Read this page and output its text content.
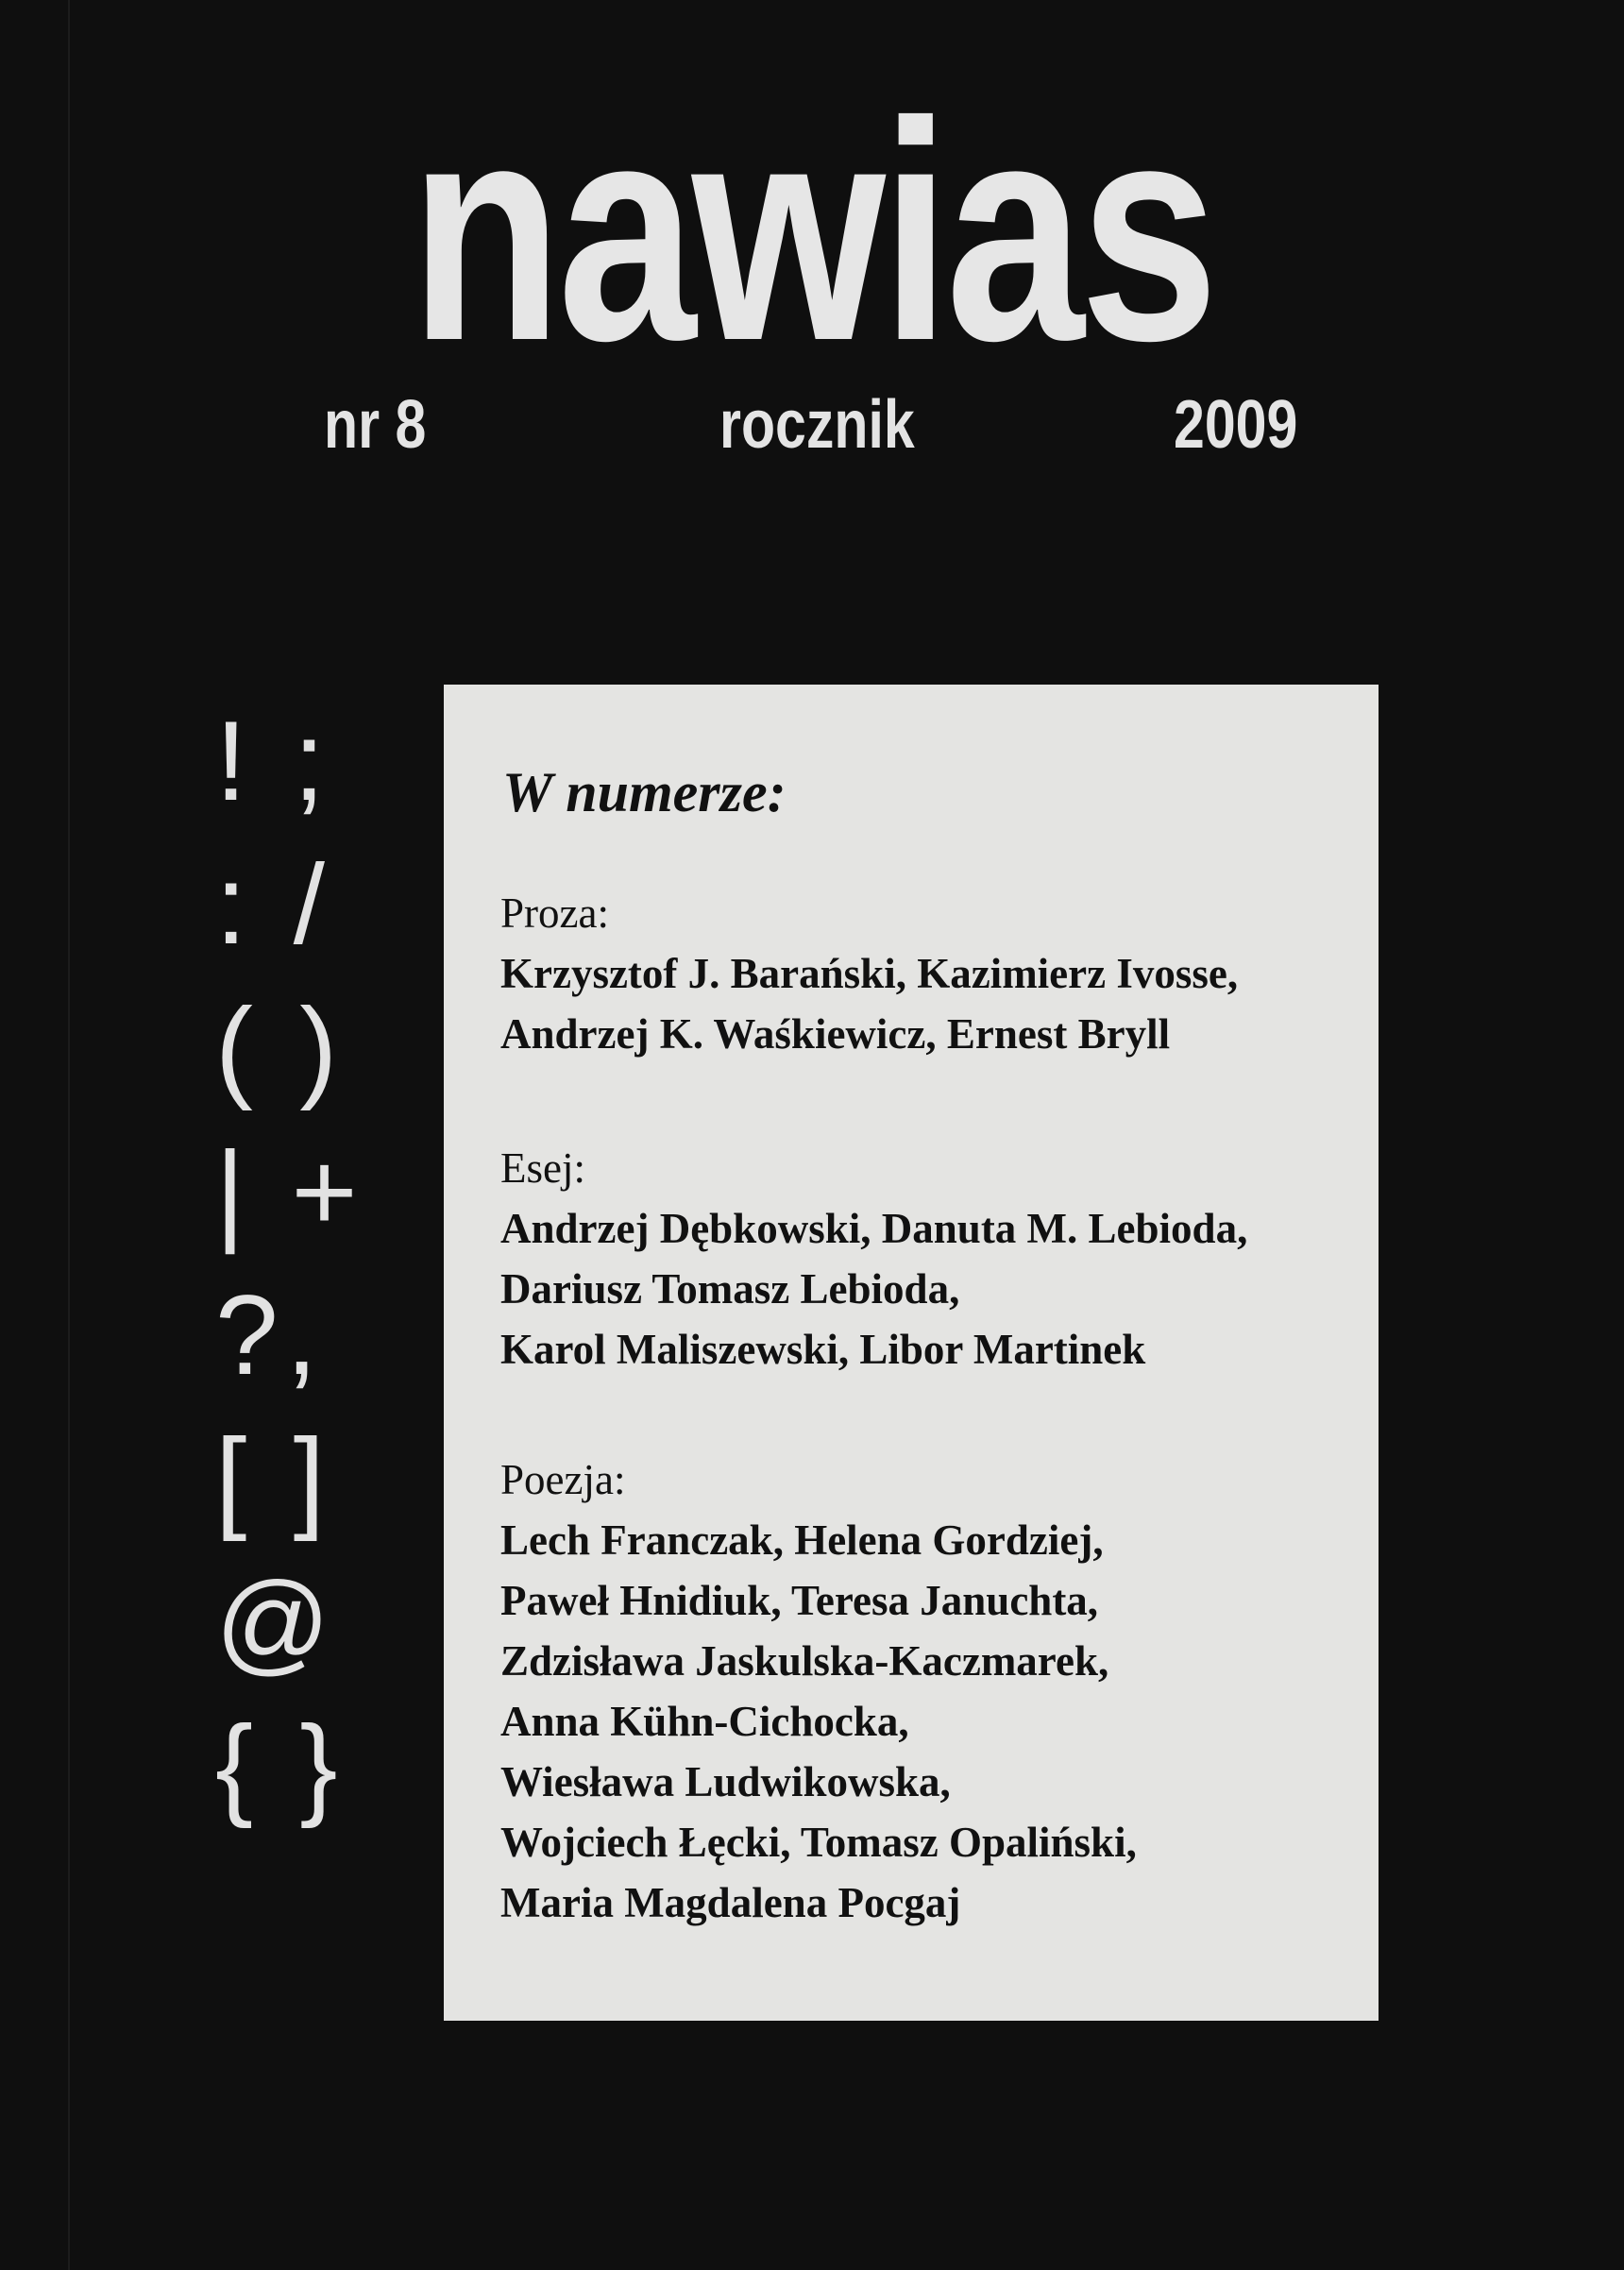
nawias
nr 8	rocznik	2009
! ;
: /
( )
| +
?,
[ ]
@
{ }
W numerze:
Proza:
Krzysztof J. Barański, Kazimierz Ivosse,
Andrzej K. Waśkiewicz, Ernest Bryll
Esej:
Andrzej Dębkowski, Danuta M. Lebioda,
Dariusz Tomasz Lebioda,
Karol Maliszewski, Libor Martinek
Poezja:
Lech Franczak, Helena Gordziej,
Paweł Hnidiuk, Teresa Januchta,
Zdzisława Jaskulska-Kaczmarek,
Anna Kühn-Cichocka,
Wiesława Ludwikowska,
Wojciech Łęcki, Tomasz Opaliński,
Maria Magdalena Pocgaj
